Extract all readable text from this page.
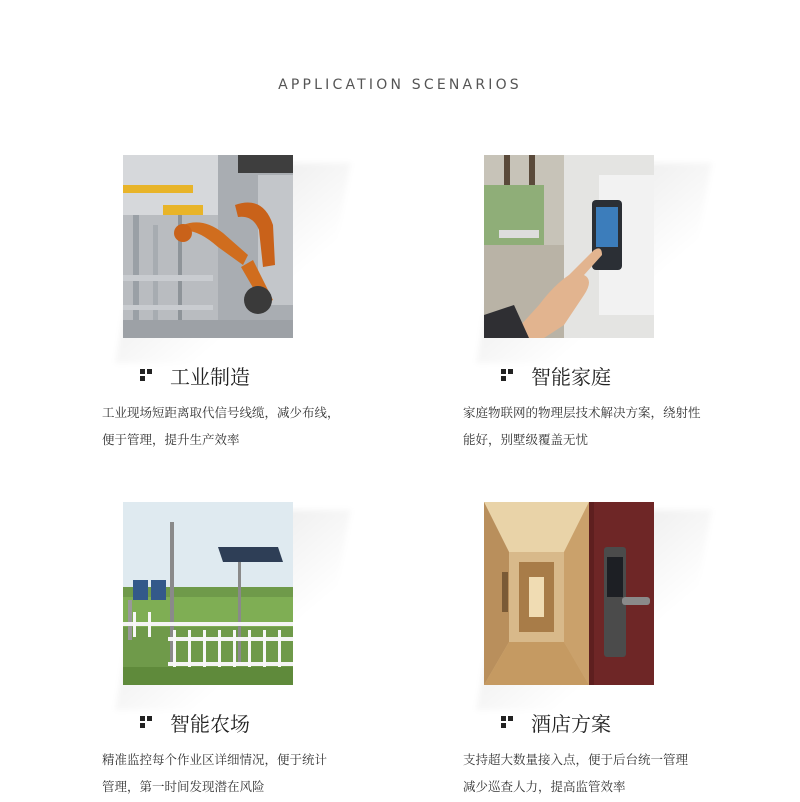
APPLICATION SCENARIOS
工业制造
工业现场短距离取代信号线缆，减少布线，
便于管理，提升生产效率
智能家庭
家庭物联网的物理层技术解决方案，绕射性
能好，别墅级覆盖无忧
智能农场
精准监控每个作业区详细情况，便于统计
管理，第一时间发现潜在风险
酒店方案
支持超大数量接入点，便于后台统一管理
减少巡查人力，提高监管效率
